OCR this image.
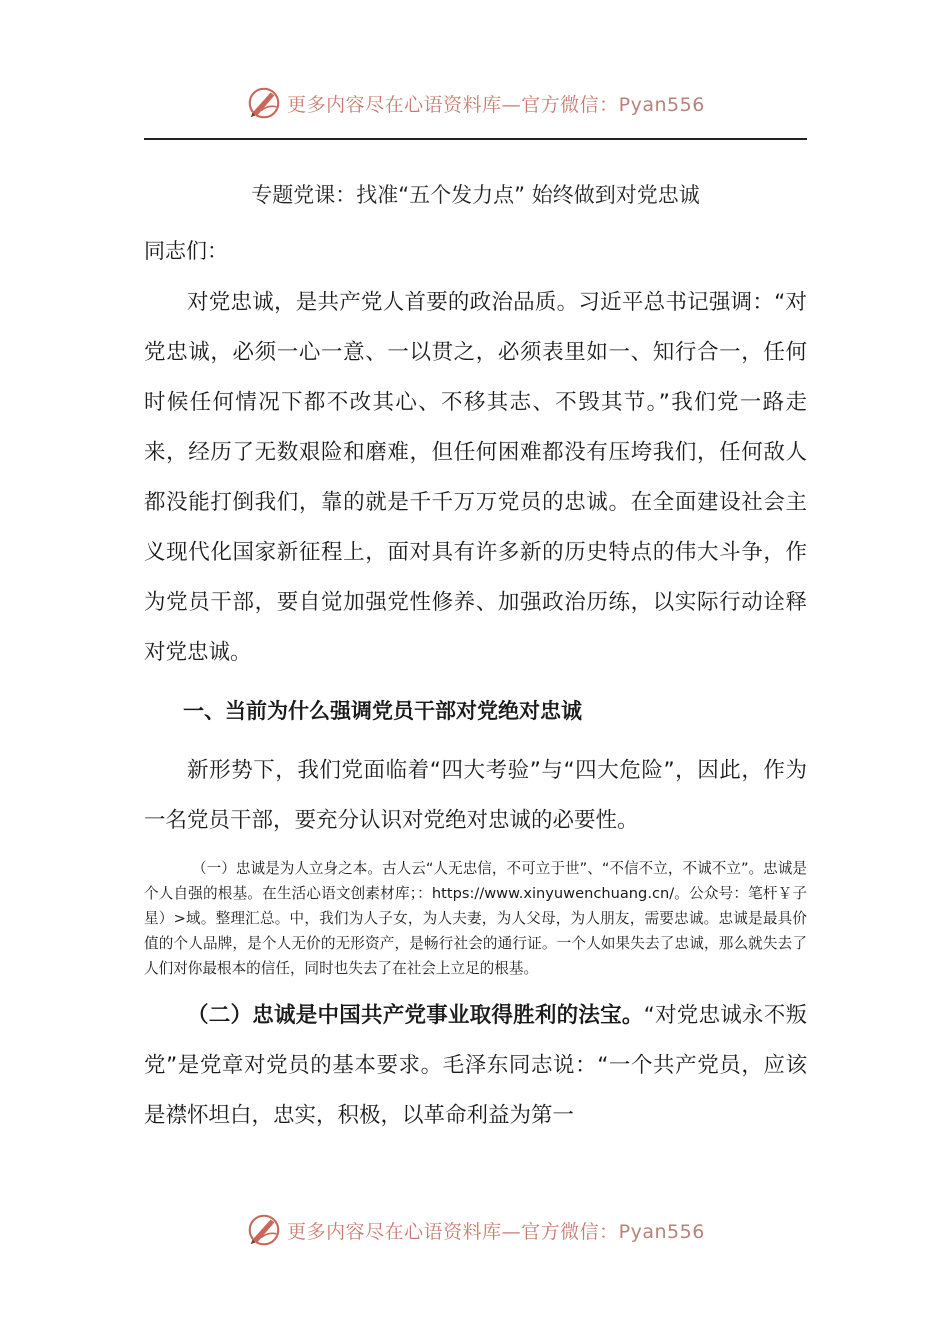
更多内容尽在心语资料库—官方微信：Pyan556

专题党课：找准“五个发力点” 始终做到对党忠诚

同志们：

对党忠诚，是共产党人首要的政治品质。习近平总书记强调：“对党忠诚，必须一心一意、一以贯之，必须表里如一、知行合一，任何时候任何情况下都不改其心、不移其志、不毁其节。”我们党一路走来，经历了无数艰险和磨难，但任何困难都没有压垮我们，任何敌人都没能打倒我们，靠的就是千千万万党员的忠诚。在全面建设社会主义现代化国家新征程上，面对具有许多新的历史特点的伟大斗争，作为党员干部，要自觉加强党性修养、加强政治历练，以实际行动诠释对党忠诚。

一、当前为什么强调党员干部对党绝对忠诚

新形势下，我们党面临着“四大考验”与“四大危险”，因此，作为一名党员干部，要充分认识对党绝对忠诚的必要性。

（一）忠诚是为人立身之本。古人云“人无忠信，不可立于世”、“不信不立，不诚不立”。忠诚是个人自强的根基。在生活心语文创素材库；：https://www.xinyuwenchuang.cn/。公众号：笔杆￥子星）>域。整理汇总。中，我们为人子女，为人夫妻，为人父母，为人朋友，需要忠诚。忠诚是最具价值的个人品牌，是个人无价的无形资产，是畅行社会的通行证。一个人如果失去了忠诚，那么就失去了人们对你最根本的信任，同时也失去了在社会上立足的根基。

（二）忠诚是中国共产党事业取得胜利的法宝。“对党忠诚永不叛党”是党章对党员的基本要求。毛泽东同志说：“一个共产党员，应该是襟怀坦白，忠实，积极，以革命利益为第一

更多内容尽在心语资料库—官方微信：Pyan556
